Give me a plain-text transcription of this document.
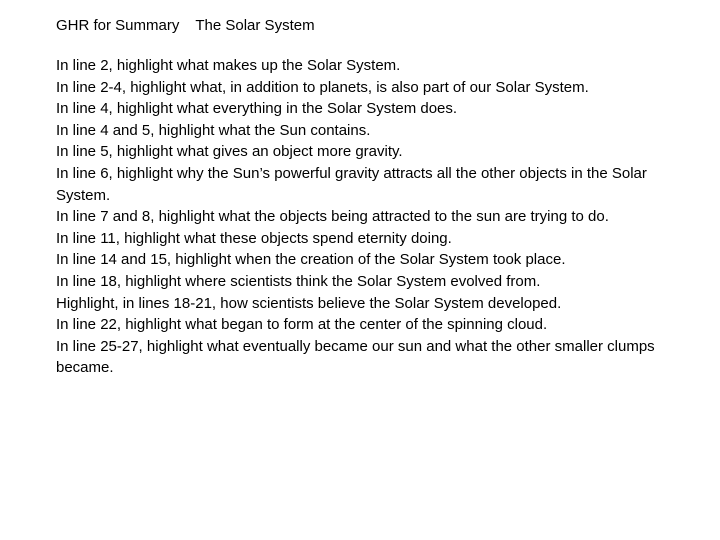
GHR for Summary The Solar System
In line 2, highlight what makes up the Solar System.
In line 2-4, highlight what, in addition to planets, is also part of our Solar System.
In line 4, highlight what everything in the Solar System does.
In line 4 and 5, highlight what the Sun contains.
In line 5, highlight what gives an object more gravity.
In line 6, highlight why the Sun’s powerful gravity attracts all the other objects in the Solar System.
In line 7 and 8, highlight what the objects being attracted to the sun are trying to do.
In line 11, highlight what these objects spend eternity doing.
In line 14 and 15, highlight when the creation of the Solar System took place.
In line 18, highlight where scientists think the Solar System evolved from.
Highlight, in lines 18-21, how scientists believe the Solar System developed.
In line 22, highlight what began to form at the center of the spinning cloud.
In line 25-27, highlight what eventually became our sun and what the other smaller clumps became.
